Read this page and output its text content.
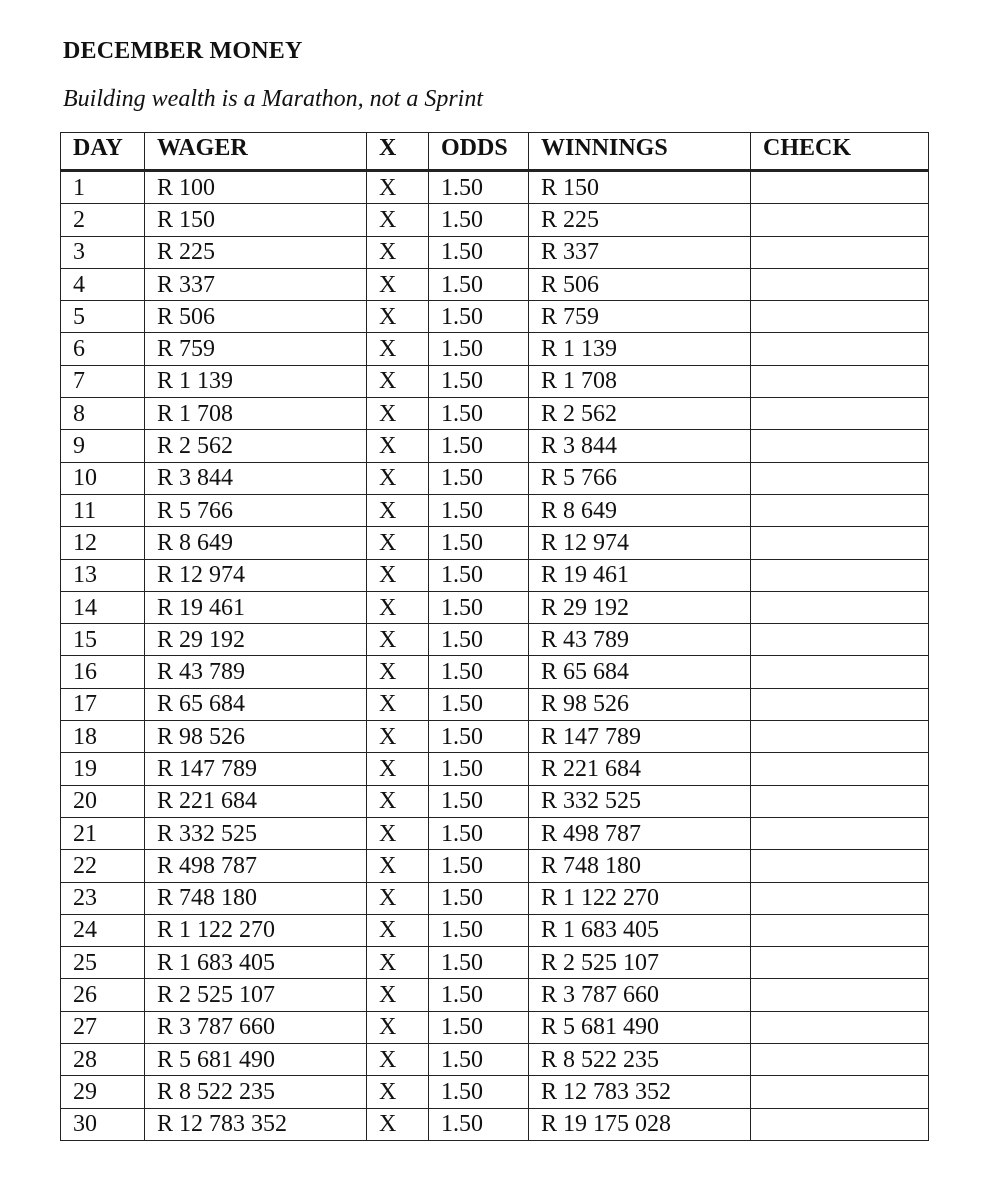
DECEMBER MONEY
Building wealth is a Marathon, not a Sprint
DAY	WAGER	X	ODDS	WINNINGS	CHECK
1	R 100	X	1.50	R 150	
2	R 150	X	1.50	R 225	
3	R 225	X	1.50	R 337	
4	R 337	X	1.50	R 506	
5	R 506	X	1.50	R 759	
6	R 759	X	1.50	R 1 139	
7	R 1 139	X	1.50	R 1 708	
8	R 1 708	X	1.50	R 2 562	
9	R 2 562	X	1.50	R 3 844	
10	R 3 844	X	1.50	R 5 766	
11	R 5 766	X	1.50	R 8 649	
12	R 8 649	X	1.50	R 12 974	
13	R 12 974	X	1.50	R 19 461	
14	R 19 461	X	1.50	R 29 192	
15	R 29 192	X	1.50	R 43 789	
16	R 43 789	X	1.50	R 65 684	
17	R 65 684	X	1.50	R 98 526	
18	R 98 526	X	1.50	R 147 789	
19	R 147 789	X	1.50	R 221 684	
20	R 221 684	X	1.50	R 332 525	
21	R 332 525	X	1.50	R 498 787	
22	R 498 787	X	1.50	R 748 180	
23	R 748 180	X	1.50	R 1 122 270	
24	R 1 122 270	X	1.50	R 1 683 405	
25	R 1 683 405	X	1.50	R 2 525 107	
26	R 2 525 107	X	1.50	R 3 787 660	
27	R 3 787 660	X	1.50	R 5 681 490	
28	R 5 681 490	X	1.50	R 8 522 235	
29	R 8 522 235	X	1.50	R 12 783 352	
30	R 12 783 352	X	1.50	R 19 175 028	
